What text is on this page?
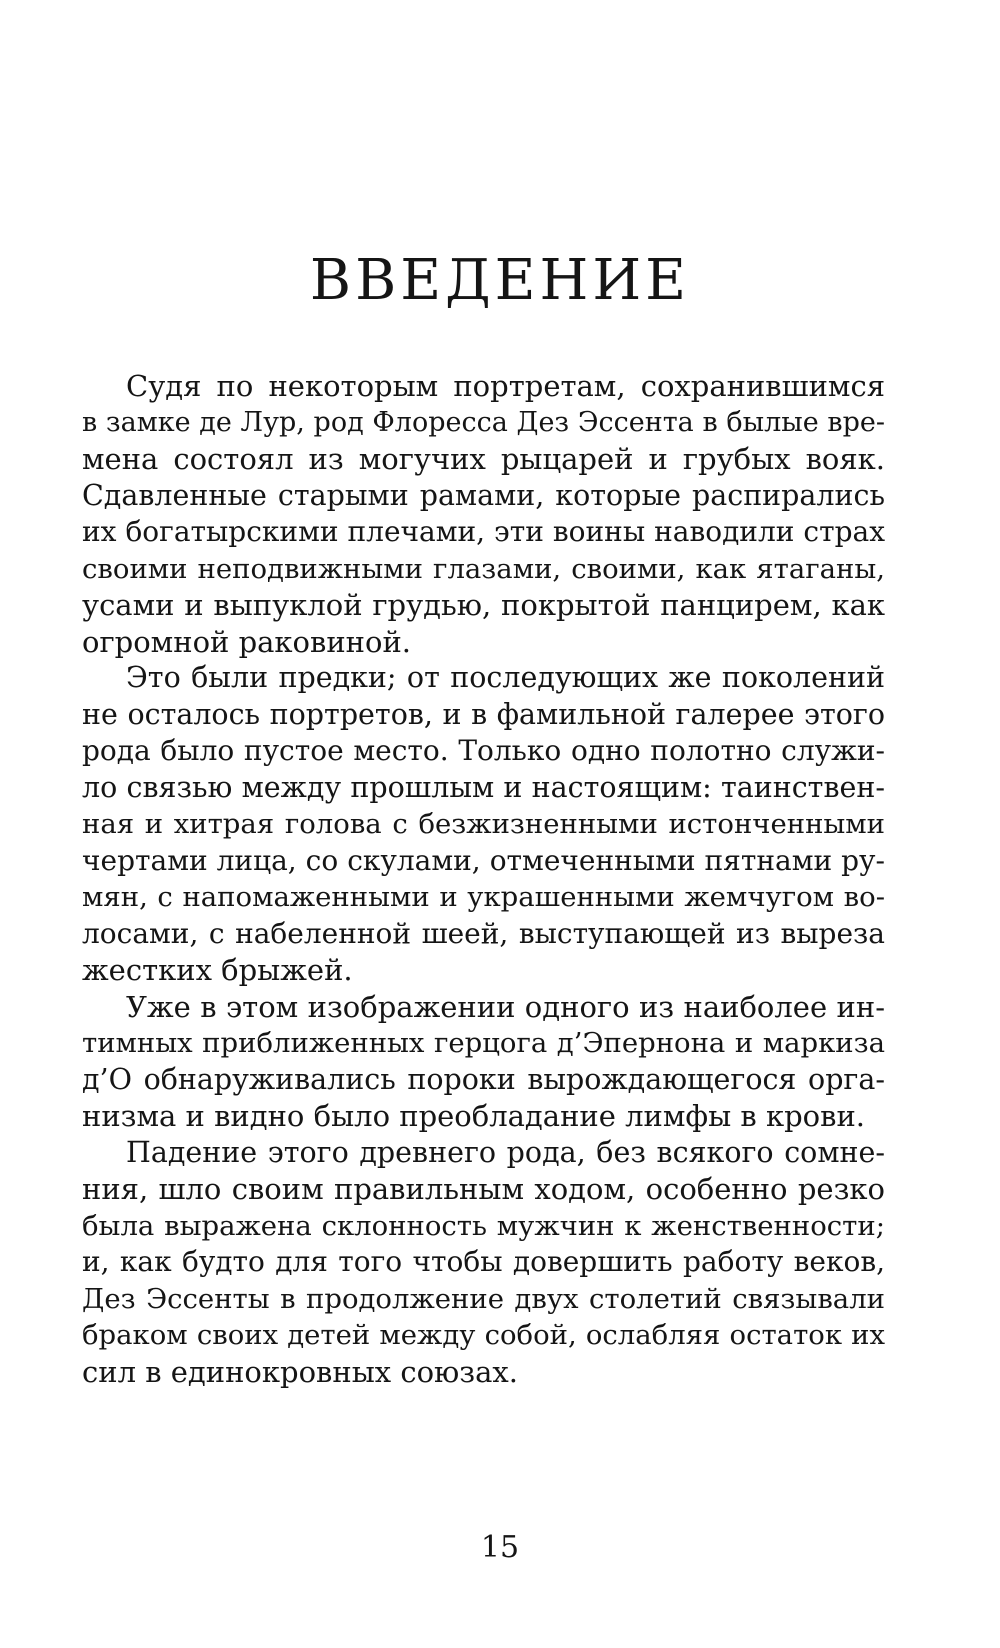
ВВЕДЕНИЕ
Судя по некоторым портретам, сохранившимся
в замке де Лур, род Флоресса Дез Эссента в былые вре-
мена состоял из могучих рыцарей и грубых вояк.
Сдавленные старыми рамами, которые распирались
их богатырскими плечами, эти воины наводили страх
своими неподвижными глазами, своими, как ятаганы,
усами и выпуклой грудью, покрытой панцирем, как
огромной раковиной.
Это были предки; от последующих же поколений
не осталось портретов, и в фамильной галерее этого
рода было пустое место. Только одно полотно служи-
ло связью между прошлым и настоящим: таинствен-
ная и хитрая голова с безжизненными истонченными
чертами лица, со скулами, отмеченными пятнами ру-
мян, с напомаженными и украшенными жемчугом во-
лосами, с набеленной шеей, выступающей из выреза
жестких брыжей.
Уже в этом изображении одного из наиболее ин-
тимных приближенных герцога д’Эпернона и маркиза
д’О обнаруживались пороки вырождающегося орга-
низма и видно было преобладание лимфы в крови.
Падение этого древнего рода, без всякого сомне-
ния, шло своим правильным ходом, особенно резко
была выражена склонность мужчин к женственности;
и, как будто для того чтобы довершить работу веков,
Дез Эссенты в продолжение двух столетий связывали
браком своих детей между собой, ослабляя остаток их
сил в единокровных союзах.
15
